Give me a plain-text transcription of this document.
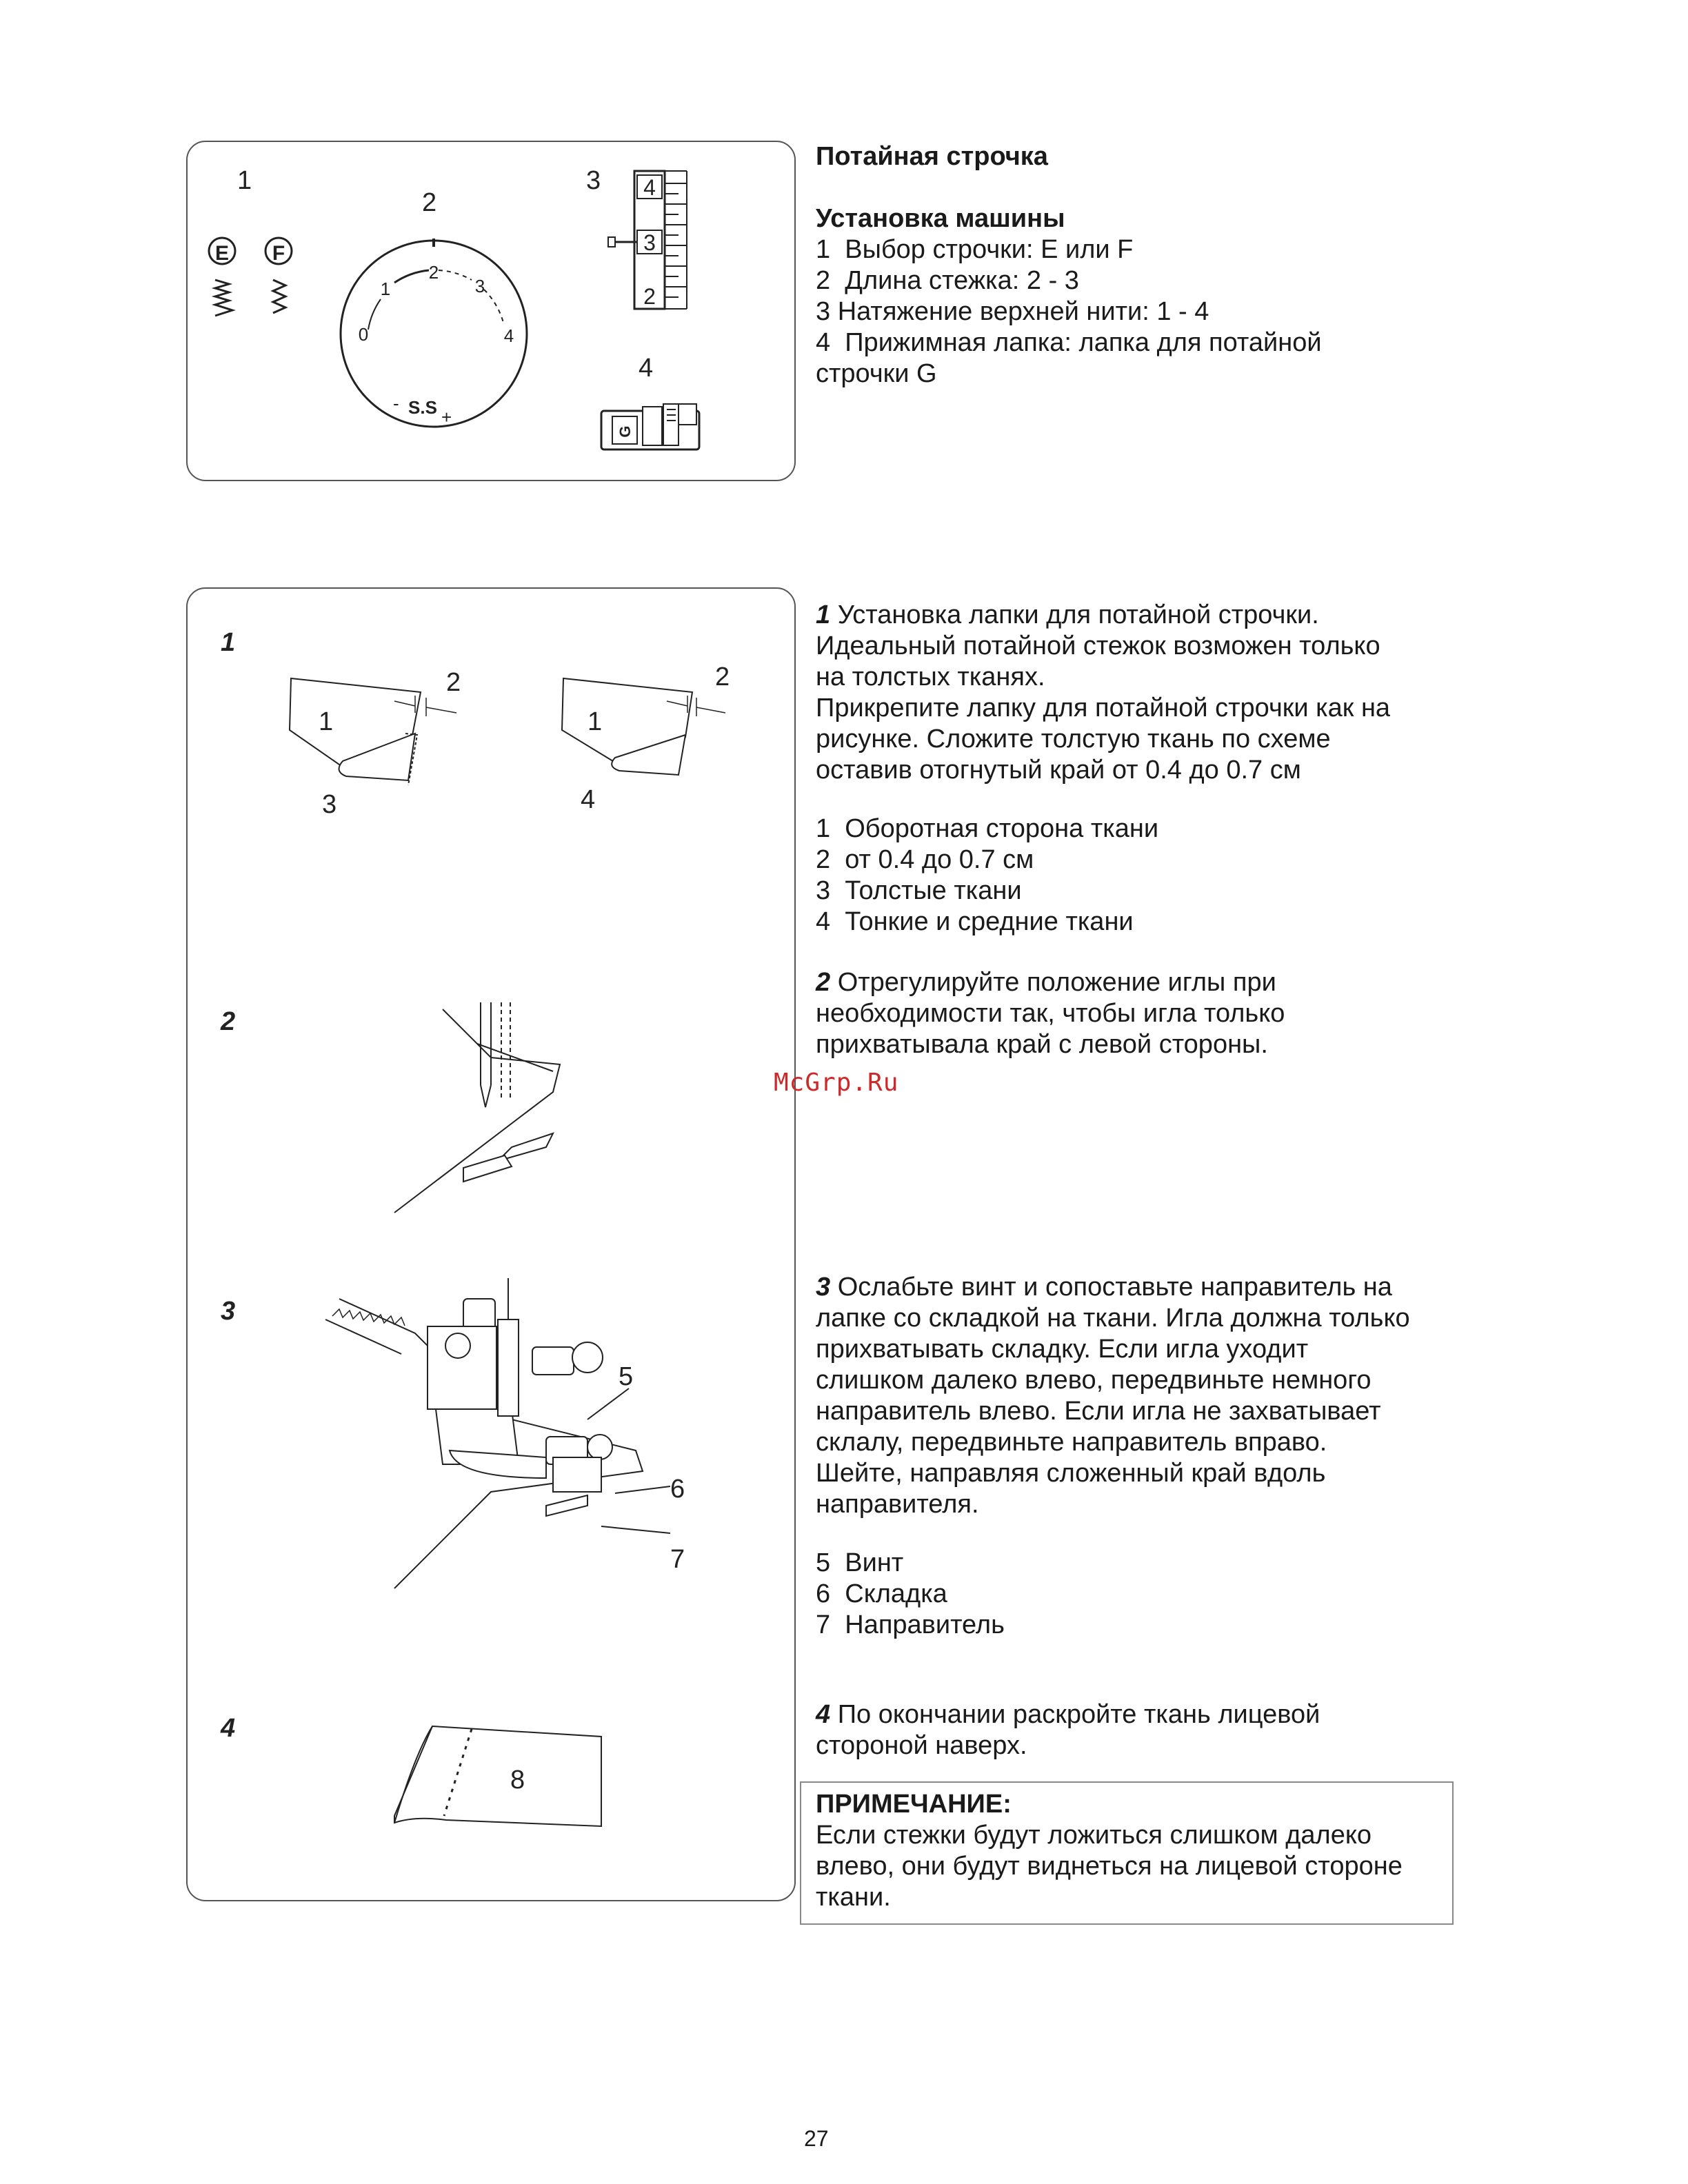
1
E F
2
2
3
4
1
0
- S.S +
3 4
3
2
4
G
Потайная строчка
Установка машины
1  Выбор строчки: E или F
2  Длина стежка: 2 - 3
3 Натяжение верхней нити: 1 - 4
4  Прижимная лапка: лапка для потайной
строчки G
1
1
2
3
1
2
4
2
3
5
6
7
4
8
1 Установка лапки для потайной строчки.
Идеальный потайной стежок возможен только
на толстых тканях.
Прикрепите лапку для потайной строчки как на
рисунке. Сложите толстую ткань по схеме
оставив отогнутый край от 0.4 до 0.7 см
1  Оборотная сторона ткани
2  от 0.4 до 0.7 см
3  Толстые ткани
4  Тонкие и средние ткани
2 Отрегулируйте положение иглы при
необходимости так, чтобы игла только
прихватывала край с левой стороны.
McGrp.Ru
3 Ослабьте винт и сопоставьте направитель на
лапке со складкой на ткани. Игла должна только
прихватывать складку. Если игла уходит
слишком далеко влево, передвиньте немного
направитель влево. Если игла не захватывает
склалу, передвиньте направитель вправо.
Шейте, направляя сложенный край вдоль
направителя.
5  Винт
6  Складка
7  Направитель
4 По окончании раскройте ткань лицевой
стороной наверх.
ПРИМЕЧАНИЕ:
Если стежки будут ложиться слишком далеко
влево, они будут виднеться на лицевой стороне
ткани.
27
